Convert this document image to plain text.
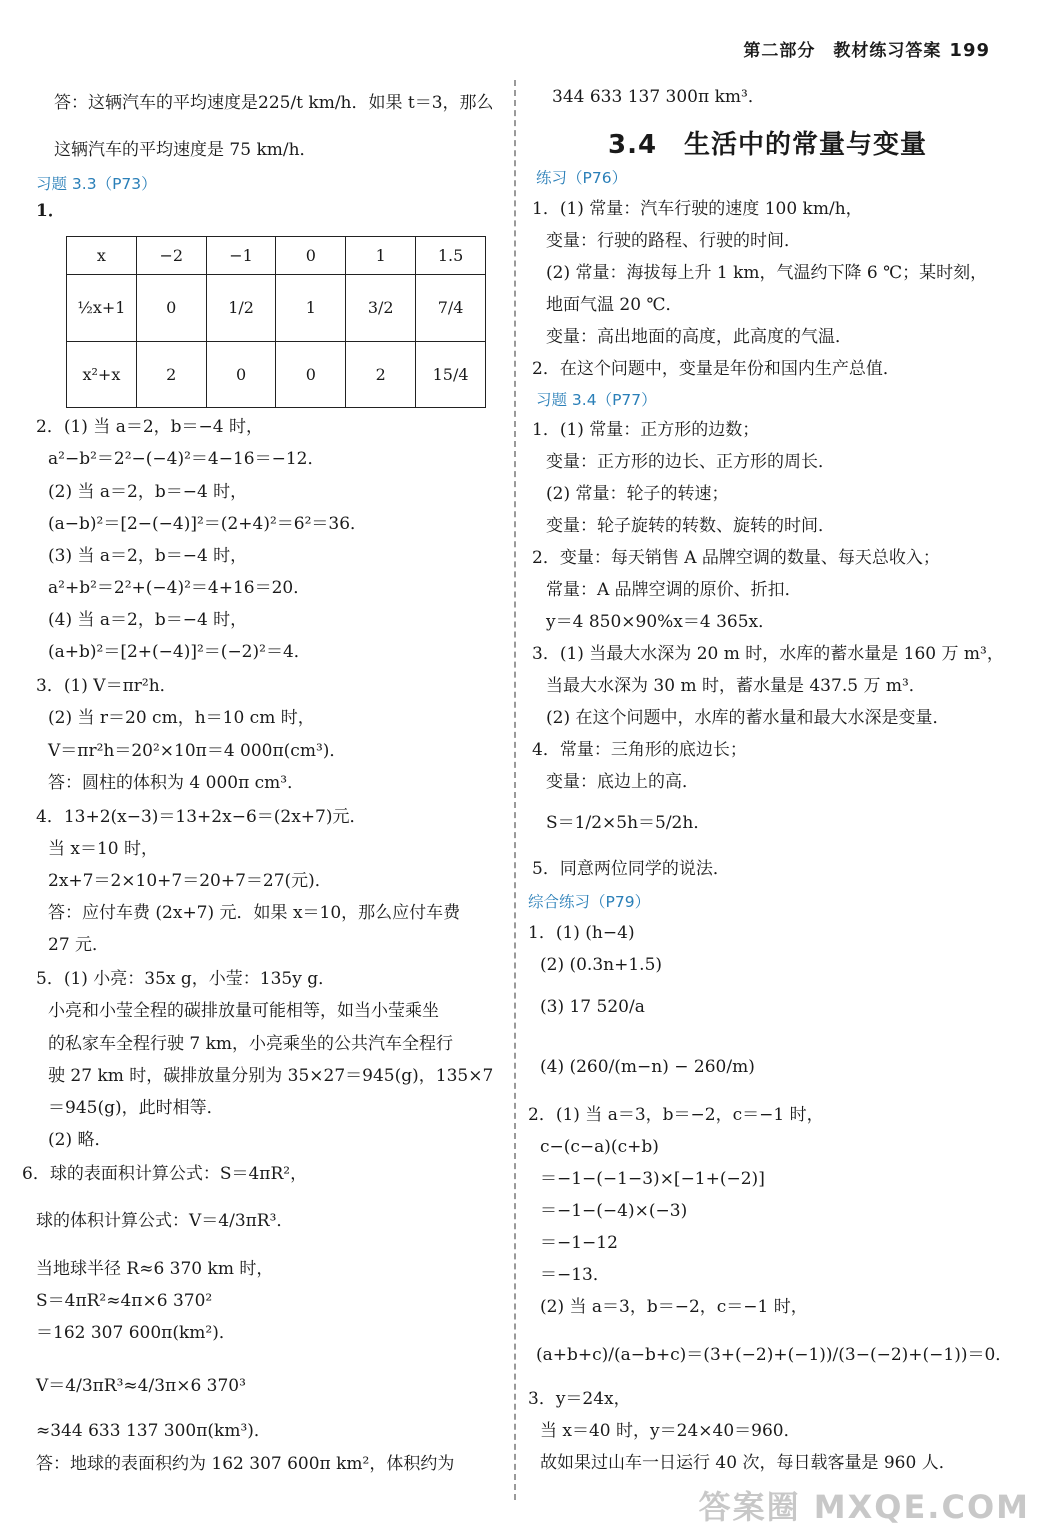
第二部分　教材练习答案 199
答：这辆汽车的平均速度是225/t km/h．如果 t＝3，那么
这辆汽车的平均速度是 75 km/h．
习题 3.3（P73）
1．
x	−2	−1	0	1	1.5
½x+1	0	1/2	1	3/2	7/4
x²+x	2	0	0	2	15/4
2．(1) 当 a＝2，b＝−4 时，
a²−b²＝2²−(−4)²＝4−16＝−12．
(2) 当 a＝2，b＝−4 时，
(a−b)²＝[2−(−4)]²＝(2+4)²＝6²＝36．
(3) 当 a＝2，b＝−4 时，
a²+b²＝2²+(−4)²＝4+16＝20．
(4) 当 a＝2，b＝−4 时，
(a+b)²＝[2+(−4)]²＝(−2)²＝4．
3．(1) V＝πr²h．
(2) 当 r＝20 cm，h＝10 cm 时，
V＝πr²h＝20²×10π＝4 000π(cm³)．
答：圆柱的体积为 4 000π cm³．
4．13+2(x−3)＝13+2x−6＝(2x+7)元．
当 x＝10 时，
2x+7＝2×10+7＝20+7＝27(元)．
答：应付车费 (2x+7) 元．如果 x＝10，那么应付车费
27 元．
5．(1) 小亮：35x g，小莹：135y g．
小亮和小莹全程的碳排放量可能相等，如当小莹乘坐
的私家车全程行驶 7 km，小亮乘坐的公共汽车全程行
驶 27 km 时，碳排放量分别为 35×27＝945(g)，135×7
＝945(g)，此时相等．
(2) 略．
6．球的表面积计算公式：S＝4πR²，
球的体积计算公式：V＝4/3πR³．
当地球半径 R≈6 370 km 时，
S＝4πR²≈4π×6 370²
＝162 307 600π(km²)．
V＝4/3πR³≈4/3π×6 370³
≈344 633 137 300π(km³)．
答：地球的表面积约为 162 307 600π km²，体积约为
344 633 137 300π km³．
3.4　生活中的常量与变量
练习（P76）
1．(1) 常量：汽车行驶的速度 100 km/h，
变量：行驶的路程、行驶的时间．
(2) 常量：海拔每上升 1 km，气温约下降 6 ℃；某时刻，
地面气温 20 ℃．
变量：高出地面的高度，此高度的气温．
2．在这个问题中，变量是年份和国内生产总值．
习题 3.4（P77）
1．(1) 常量：正方形的边数；
变量：正方形的边长、正方形的周长．
(2) 常量：轮子的转速；
变量：轮子旋转的转数、旋转的时间．
2．变量：每天销售 A 品牌空调的数量、每天总收入；
常量：A 品牌空调的原价、折扣．
y＝4 850×90%x＝4 365x．
3．(1) 当最大水深为 20 m 时，水库的蓄水量是 160 万 m³，
当最大水深为 30 m 时，蓄水量是 437.5 万 m³．
(2) 在这个问题中，水库的蓄水量和最大水深是变量．
4．常量：三角形的底边长；
变量：底边上的高．
S＝1/2×5h＝5/2h．
5．同意两位同学的说法．
综合练习（P79）
1．(1) (h−4)
(2) (0.3n+1.5)
(3) 17 520/a
(4) (260/(m−n) − 260/m)
2．(1) 当 a＝3，b＝−2，c＝−1 时，
c−(c−a)(c+b)
＝−1−(−1−3)×[−1+(−2)]
＝−1−(−4)×(−3)
＝−1−12
＝−13．
(2) 当 a＝3，b＝−2，c＝−1 时，
(a+b+c)/(a−b+c)＝(3+(−2)+(−1))/(3−(−2)+(−1))＝0．
3．y＝24x，
当 x＝40 时，y＝24×40＝960．
故如果过山车一日运行 40 次，每日载客量是 960 人．
答案圈 MXQE.COM
